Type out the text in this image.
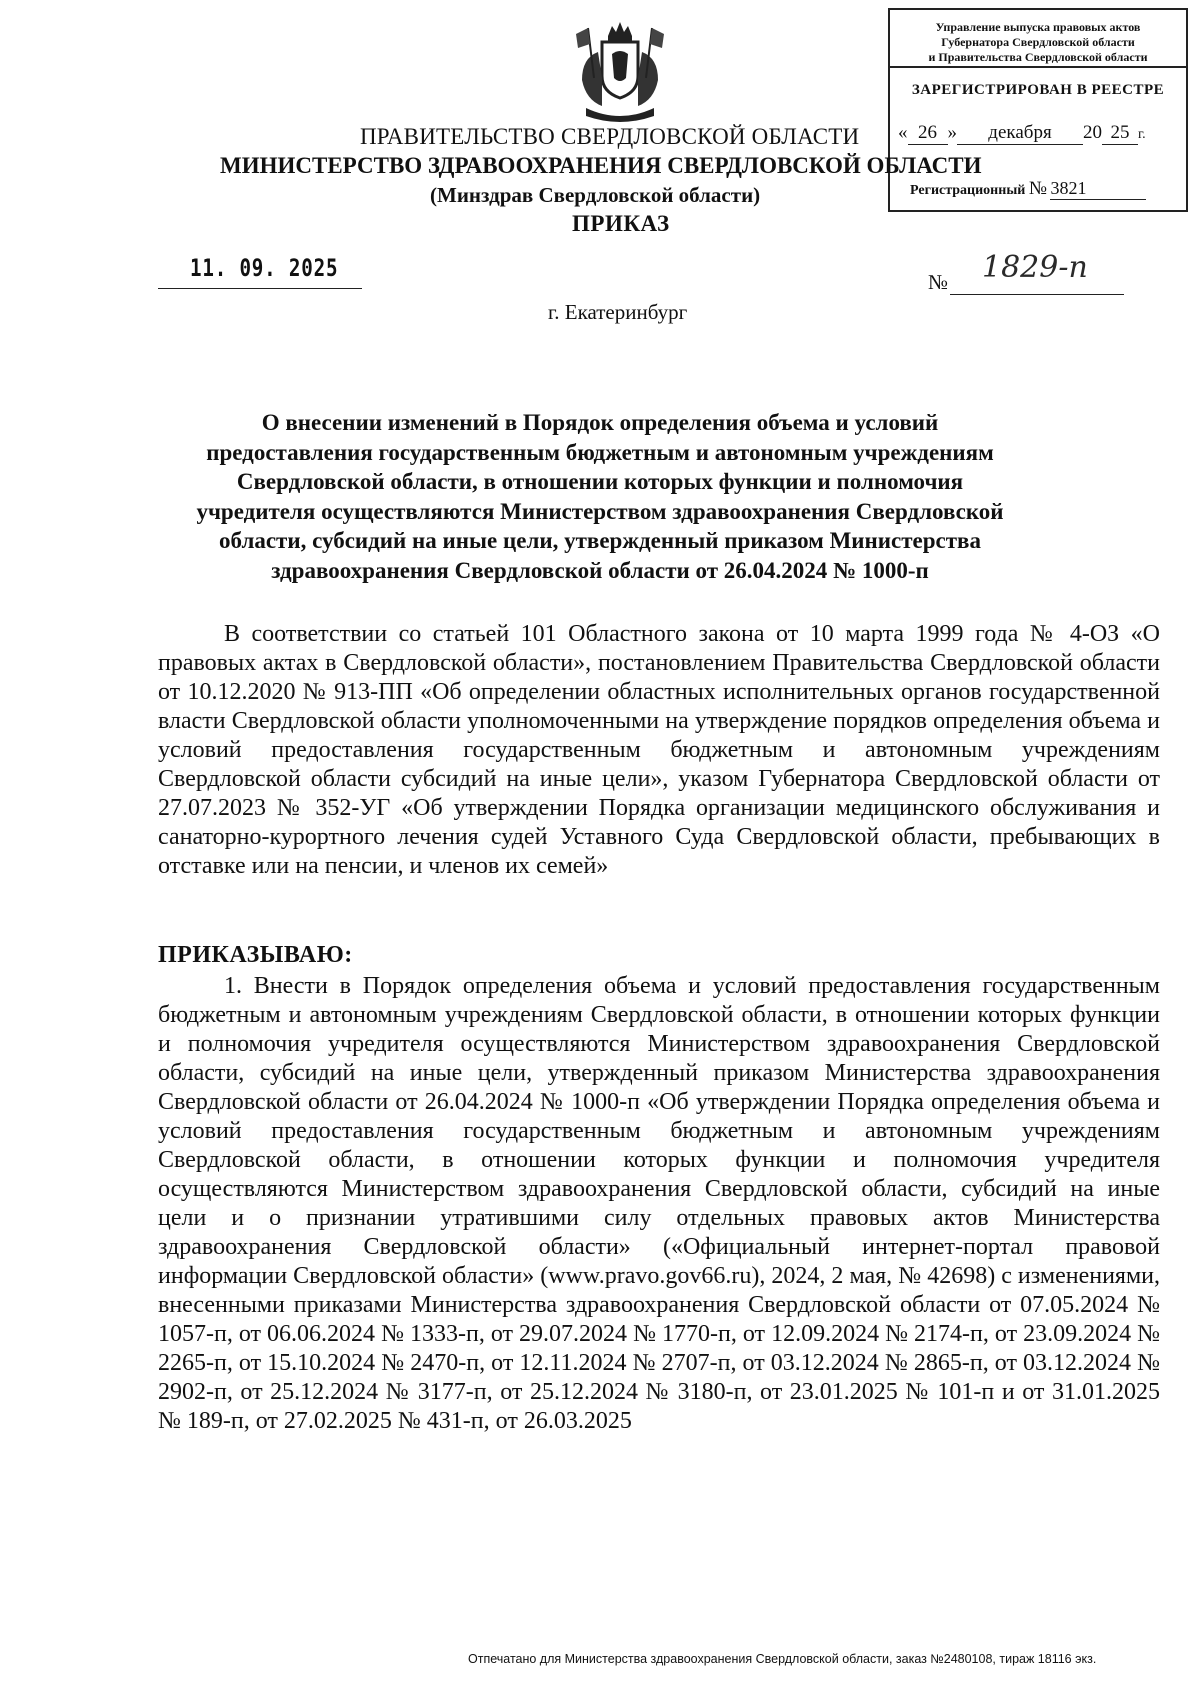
Управление выпуска правовых актов
Губернатора Свердловской области
и Правительства Свердловской области
ЗАРЕГИСТРИРОВАН В РЕЕСТРЕ
« 26 » декабря 20 25 г.
Регистрационный № 3821
ПРАВИТЕЛЬСТВО СВЕРДЛОВСКОЙ ОБЛАСТИ
МИНИСТЕРСТВО ЗДРАВООХРАНЕНИЯ СВЕРДЛОВСКОЙ ОБЛАСТИ
(Минздрав Свердловской области)
ПРИКАЗ
11. 09. 2025	№ 1829-п
г. Екатеринбург
О внесении изменений в Порядок определения объема и условий
предоставления государственным бюджетным и автономным учреждениям
Свердловской области, в отношении которых функции и полномочия
учредителя осуществляются Министерством здравоохранения Свердловской
области, субсидий на иные цели, утвержденный приказом Министерства
здравоохранения Свердловской области от 26.04.2024 № 1000-п

В соответствии со статьей 101 Областного закона от 10 марта 1999 года № 4-ОЗ «О правовых актах в Свердловской области», постановлением Правительства Свердловской области от 10.12.2020 № 913-ПП «Об определении областных исполнительных органов государственной власти Свердловской области уполномоченными на утверждение порядков определения объема и условий предоставления государственным бюджетным и автономным учреждениям Свердловской области субсидий на иные цели», указом Губернатора Свердловской области от 27.07.2023 № 352-УГ «Об утверждении Порядка организации медицинского обслуживания и санаторно-курортного лечения судей Уставного Суда Свердловской области, пребывающих в отставке или на пенсии, и членов их семей»

ПРИКАЗЫВАЮ:

1. Внести в Порядок определения объема и условий предоставления государственным бюджетным и автономным учреждениям Свердловской области, в отношении которых функции и полномочия учредителя осуществляются Министерством здравоохранения Свердловской области, субсидий на иные цели, утвержденный приказом Министерства здравоохранения Свердловской области от 26.04.2024 № 1000-п «Об утверждении Порядка определения объема и условий предоставления государственным бюджетным и автономным учреждениям Свердловской области, в отношении которых функции и полномочия учредителя осуществляются Министерством здравоохранения Свердловской области, субсидий на иные цели и о признании утратившими силу отдельных правовых актов Министерства здравоохранения Свердловской области» («Официальный интернет-портал правовой информации Свердловской области» (www.pravo.gov66.ru), 2024, 2 мая, № 42698) с изменениями, внесенными приказами Министерства здравоохранения Свердловской области от 07.05.2024 № 1057-п, от 06.06.2024 № 1333-п, от 29.07.2024 № 1770-п, от 12.09.2024 № 2174-п, от 23.09.2024 № 2265-п, от 15.10.2024 № 2470-п, от 12.11.2024 № 2707-п, от 03.12.2024 № 2865-п, от 03.12.2024 № 2902-п, от 25.12.2024 № 3177-п, от 25.12.2024 № 3180-п, от 23.01.2025 № 101-п и от 31.01.2025 № 189-п, от 27.02.2025 № 431-п, от 26.03.2025

Отпечатано для Министерства здравоохранения Свердловской области, заказ №2480108, тираж 18116 экз.
